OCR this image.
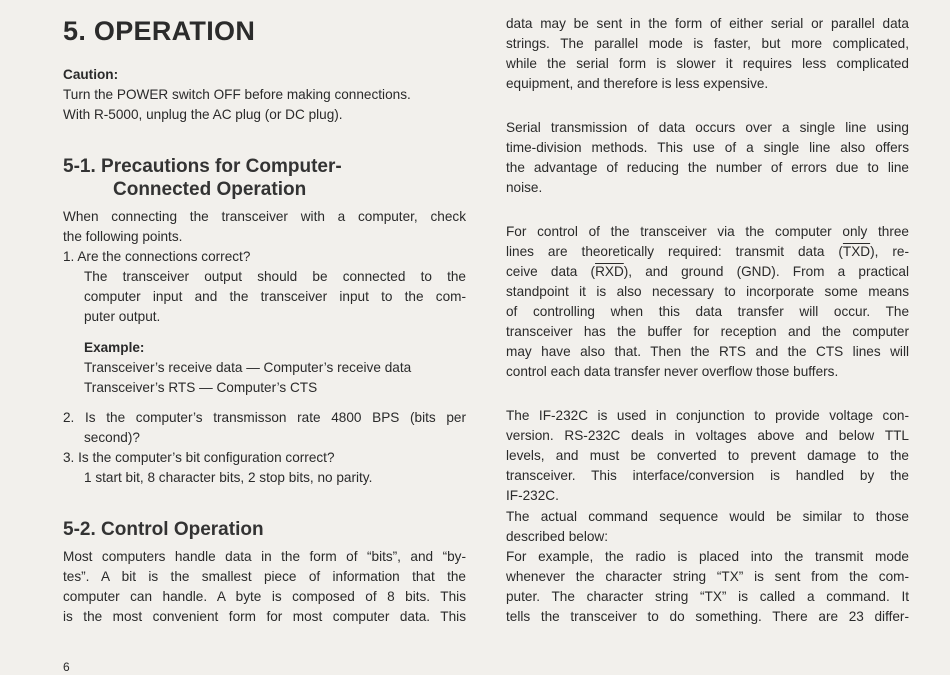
5. OPERATION

Caution:

Turn the POWER switch OFF before making connections.

With R-5000, unplug the AC plug (or DC plug).

5-1. Precautions for Computer-
Connected Operation

When connecting the transceiver with a computer, check

the following points.

1. Are the connections correct?

The transceiver output should be connected to the

computer input and the transceiver input to the com-

puter output.

Example:

Transceiver’s receive data — Computer’s receive data

Transceiver’s RTS — Computer’s CTS

2. Is the computer’s transmisson rate 4800 BPS (bits per

second)?

3. Is the computer’s bit configuration correct?

1 start bit, 8 character bits, 2 stop bits, no parity.

5-2. Control Operation

Most computers handle data in the form of “bits”, and “by-

tes”. A bit is the smallest piece of information that the

computer can handle. A byte is composed of 8 bits. This

is the most convenient form for most computer data. This

6

data may be sent in the form of either serial or parallel data

strings. The parallel mode is faster, but more complicated,

while the serial form is slower it requires less complicated

equipment, and therefore is less expensive.

Serial transmission of data occurs over a single line using

time-division methods. This use of a single line also offers

the advantage of reducing the number of errors due to line

noise.

For control of the transceiver via the computer only three

lines are theoretically required: transmit data $(\overline{TXD})$, re-

ceive data $(\overline{RXD})$, and ground (GND). From a practical

standpoint it is also necessary to incorporate some means

of controlling when this data transfer will occur. The

transceiver has the buffer for reception and the computer

may have also that. Then the RTS and the CTS lines will

control each data transfer never overflow those buffers.

The IF-232C is used in conjunction to provide voltage con-

version. RS-232C deals in voltages above and below TTL

levels, and must be converted to prevent damage to the

transceiver. This interface/conversion is handled by the

IF-232C.

The actual command sequence would be similar to those

described below:

For example, the radio is placed into the transmit mode

whenever the character string “TX” is sent from the com-

puter. The character string “TX” is called a command. It

tells the transceiver to do something. There are 23 differ-
